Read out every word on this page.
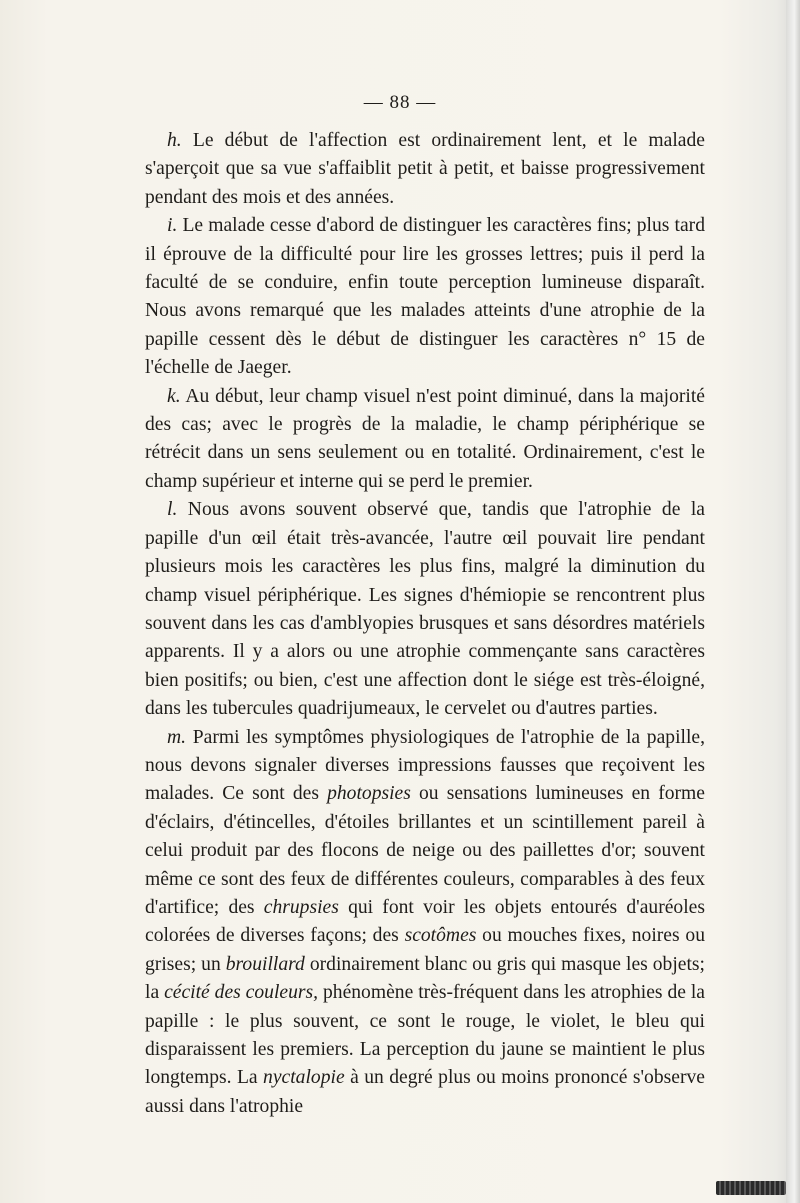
— 88 —

h. Le début de l'affection est ordinairement lent, et le malade s'aperçoit que sa vue s'affaiblit petit à petit, et baisse progressivement pendant des mois et des années.

i. Le malade cesse d'abord de distinguer les caractères fins; plus tard il éprouve de la difficulté pour lire les grosses lettres; puis il perd la faculté de se conduire, enfin toute perception lumineuse disparaît. Nous avons remarqué que les malades atteints d'une atrophie de la papille cessent dès le début de distinguer les caractères n° 15 de l'échelle de Jaeger.

k. Au début, leur champ visuel n'est point diminué, dans la majorité des cas; avec le progrès de la maladie, le champ périphérique se rétrécit dans un sens seulement ou en totalité. Ordinairement, c'est le champ supérieur et interne qui se perd le premier.

l. Nous avons souvent observé que, tandis que l'atrophie de la papille d'un œil était très-avancée, l'autre œil pouvait lire pendant plusieurs mois les caractères les plus fins, malgré la diminution du champ visuel périphérique. Les signes d'hémiopie se rencontrent plus souvent dans les cas d'amblyopies brusques et sans désordres matériels apparents. Il y a alors ou une atrophie commençante sans caractères bien positifs; ou bien, c'est une affection dont le siége est très-éloigné, dans les tubercules quadrijumeaux, le cervelet ou d'autres parties.

m. Parmi les symptômes physiologiques de l'atrophie de la papille, nous devons signaler diverses impressions fausses que reçoivent les malades. Ce sont des photopsies ou sensations lumineuses en forme d'éclairs, d'étincelles, d'étoiles brillantes et un scintillement pareil à celui produit par des flocons de neige ou des paillettes d'or; souvent même ce sont des feux de différentes couleurs, comparables à des feux d'artifice; des chrupsies qui font voir les objets entourés d'auréoles colorées de diverses façons; des scotômes ou mouches fixes, noires ou grises; un brouillard ordinairement blanc ou gris qui masque les objets; la cécité des couleurs, phénomène très-fréquent dans les atrophies de la papille : le plus souvent, ce sont le rouge, le violet, le bleu qui disparaissent les premiers. La perception du jaune se maintient le plus longtemps. La nyctalopie à un degré plus ou moins prononcé s'observe aussi dans l'atrophie
